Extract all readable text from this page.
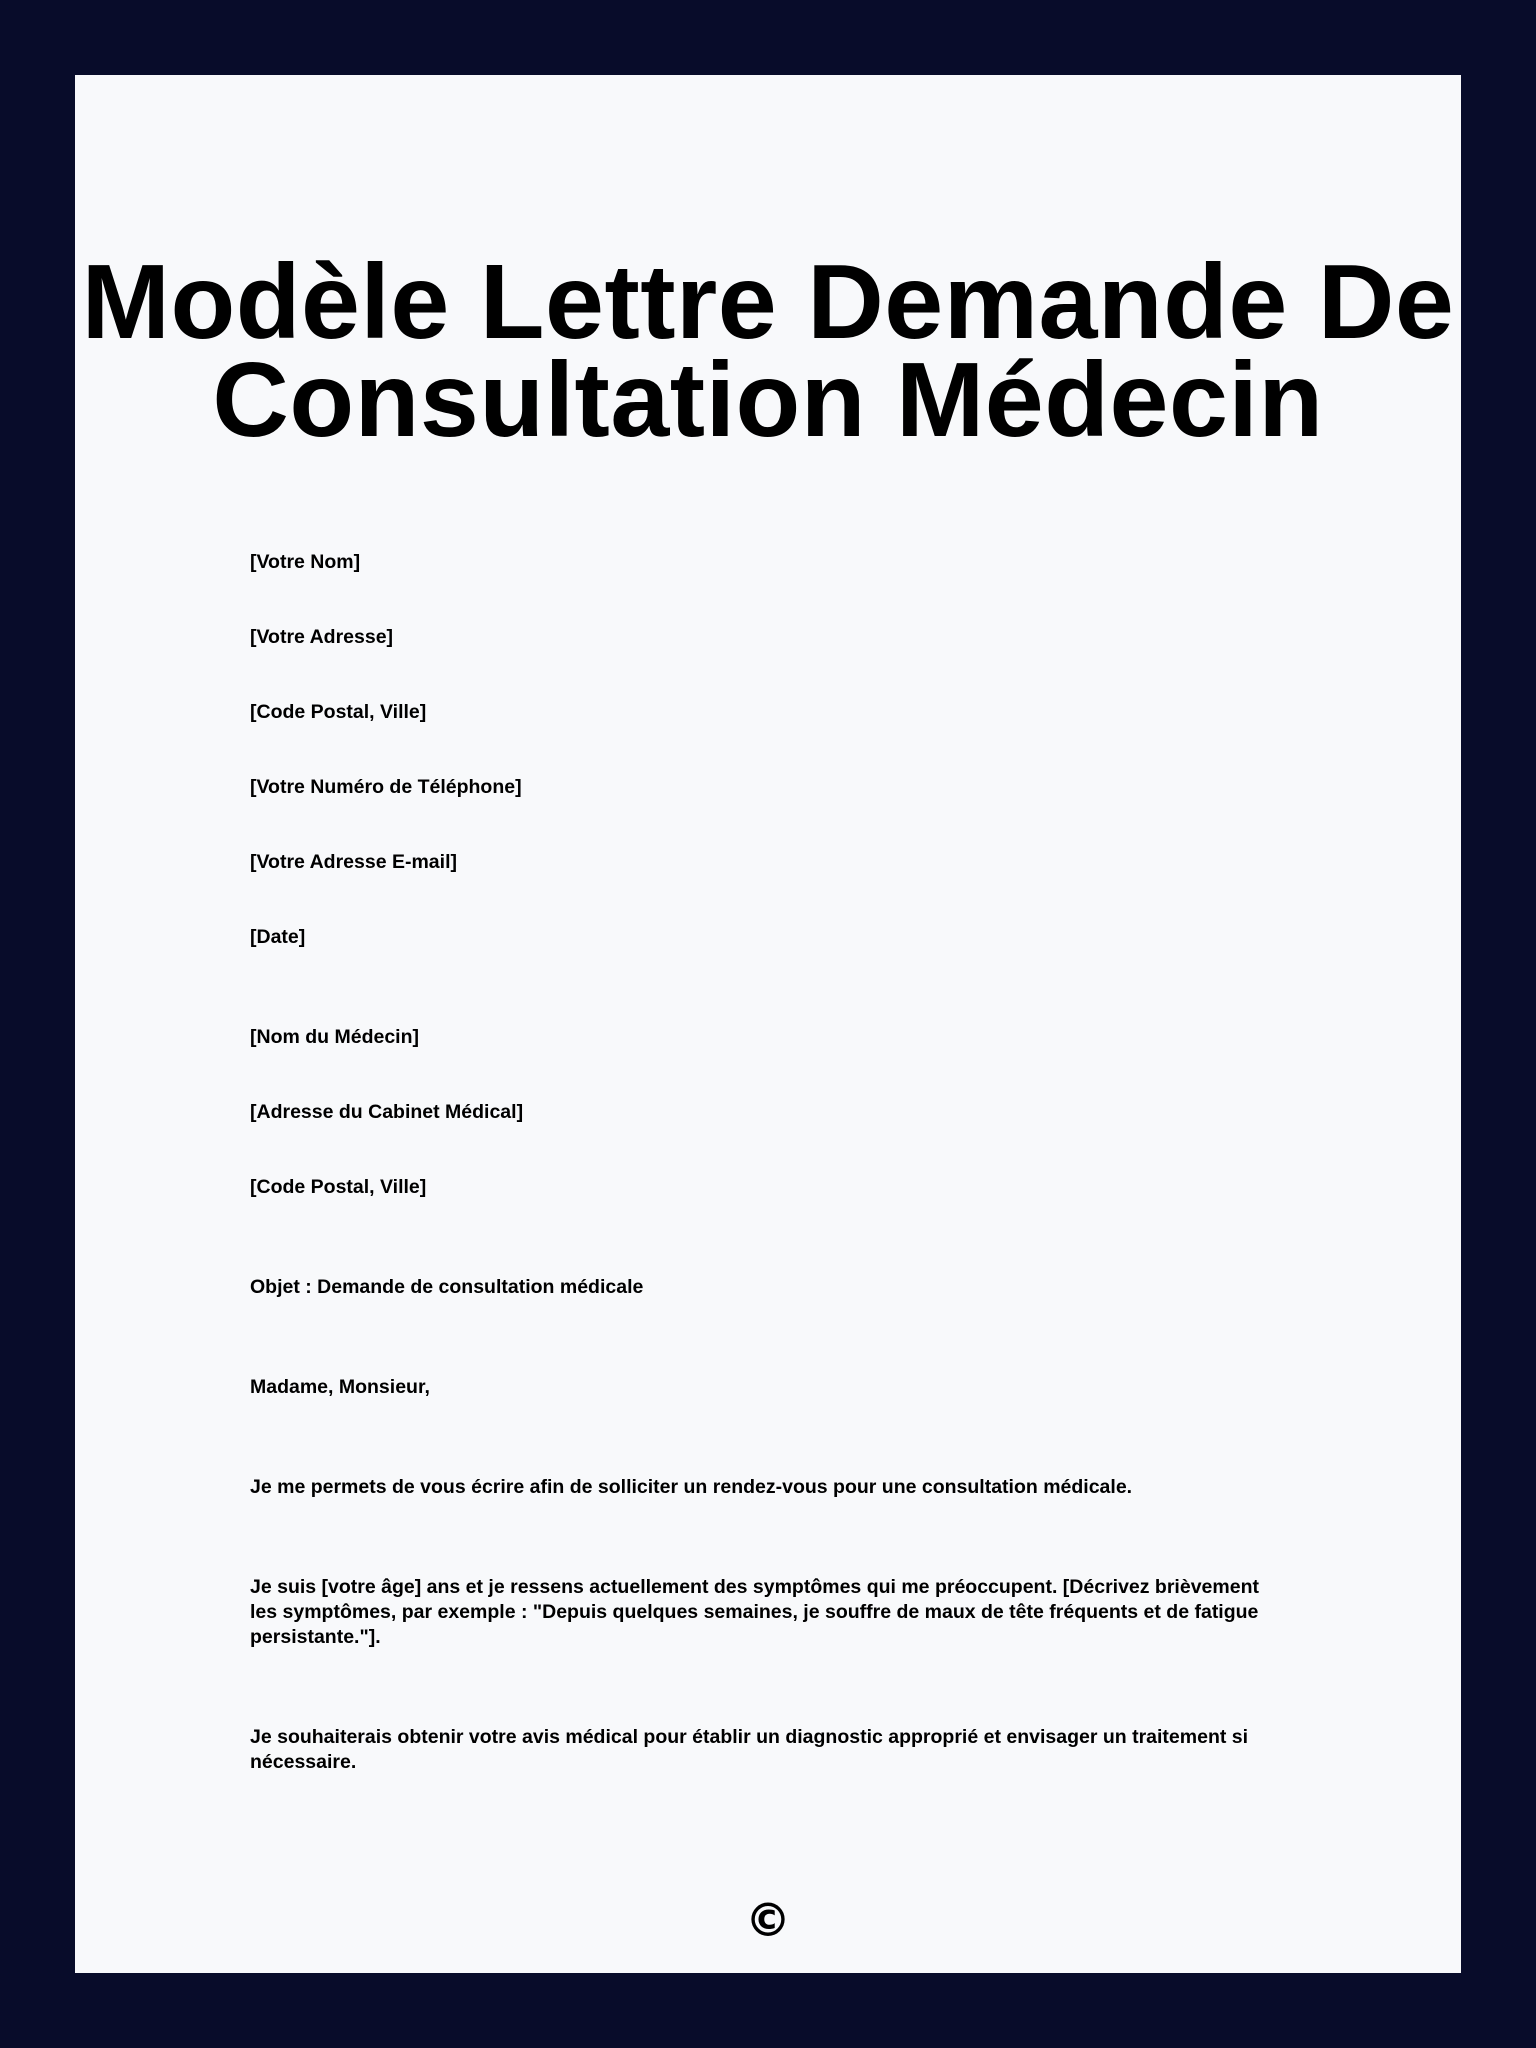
Modèle Lettre Demande De Consultation Médecin

[Votre Nom]

[Votre Adresse]

[Code Postal, Ville]

[Votre Numéro de Téléphone]

[Votre Adresse E-mail]

[Date]

[Nom du Médecin]

[Adresse du Cabinet Médical]

[Code Postal, Ville]

Objet : Demande de consultation médicale

Madame, Monsieur,

Je me permets de vous écrire afin de solliciter un rendez-vous pour une consultation médicale.

Je suis [votre âge] ans et je ressens actuellement des symptômes qui me préoccupent. [Décrivez brièvement les symptômes, par exemple : "Depuis quelques semaines, je souffre de maux de tête fréquents et de fatigue persistante."].

Je souhaiterais obtenir votre avis médical pour établir un diagnostic approprié et envisager un traitement si nécessaire.

©
